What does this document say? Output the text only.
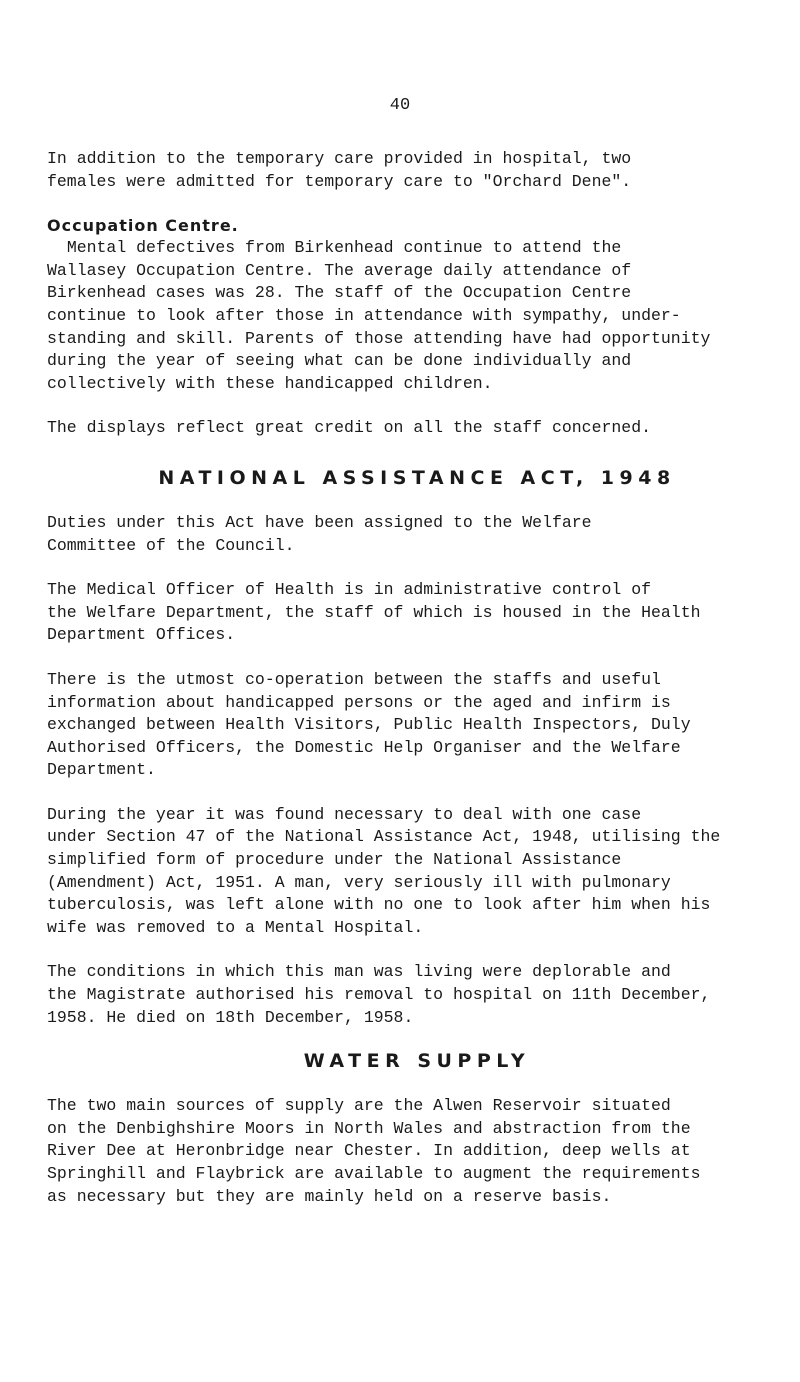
40

In addition to the temporary care provided in hospital, two
females were admitted for temporary care to "Orchard Dene".

Occupation Centre.

Mental defectives from Birkenhead continue to attend the
Wallasey Occupation Centre. The average daily attendance of
Birkenhead cases was 28. The staff of the Occupation Centre
continue to look after those in attendance with sympathy, under-
standing and skill. Parents of those attending have had opportunity
during the year of seeing what can be done individually and
collectively with these handicapped children.

The displays reflect great credit on all the staff concerned.

NATIONAL ASSISTANCE ACT, 1948

Duties under this Act have been assigned to the Welfare
Committee of the Council.

The Medical Officer of Health is in administrative control of
the Welfare Department, the staff of which is housed in the Health
Department Offices.

There is the utmost co-operation between the staffs and useful
information about handicapped persons or the aged and infirm is
exchanged between Health Visitors, Public Health Inspectors, Duly
Authorised Officers, the Domestic Help Organiser and the Welfare
Department.

During the year it was found necessary to deal with one case
under Section 47 of the National Assistance Act, 1948, utilising the
simplified form of procedure under the National Assistance
(Amendment) Act, 1951. A man, very seriously ill with pulmonary
tuberculosis, was left alone with no one to look after him when his
wife was removed to a Mental Hospital.

The conditions in which this man was living were deplorable and
the Magistrate authorised his removal to hospital on 11th December,
1958. He died on 18th December, 1958.

WATER SUPPLY

The two main sources of supply are the Alwen Reservoir situated
on the Denbighshire Moors in North Wales and abstraction from the
River Dee at Heronbridge near Chester. In addition, deep wells at
Springhill and Flaybrick are available to augment the requirements
as necessary but they are mainly held on a reserve basis.
